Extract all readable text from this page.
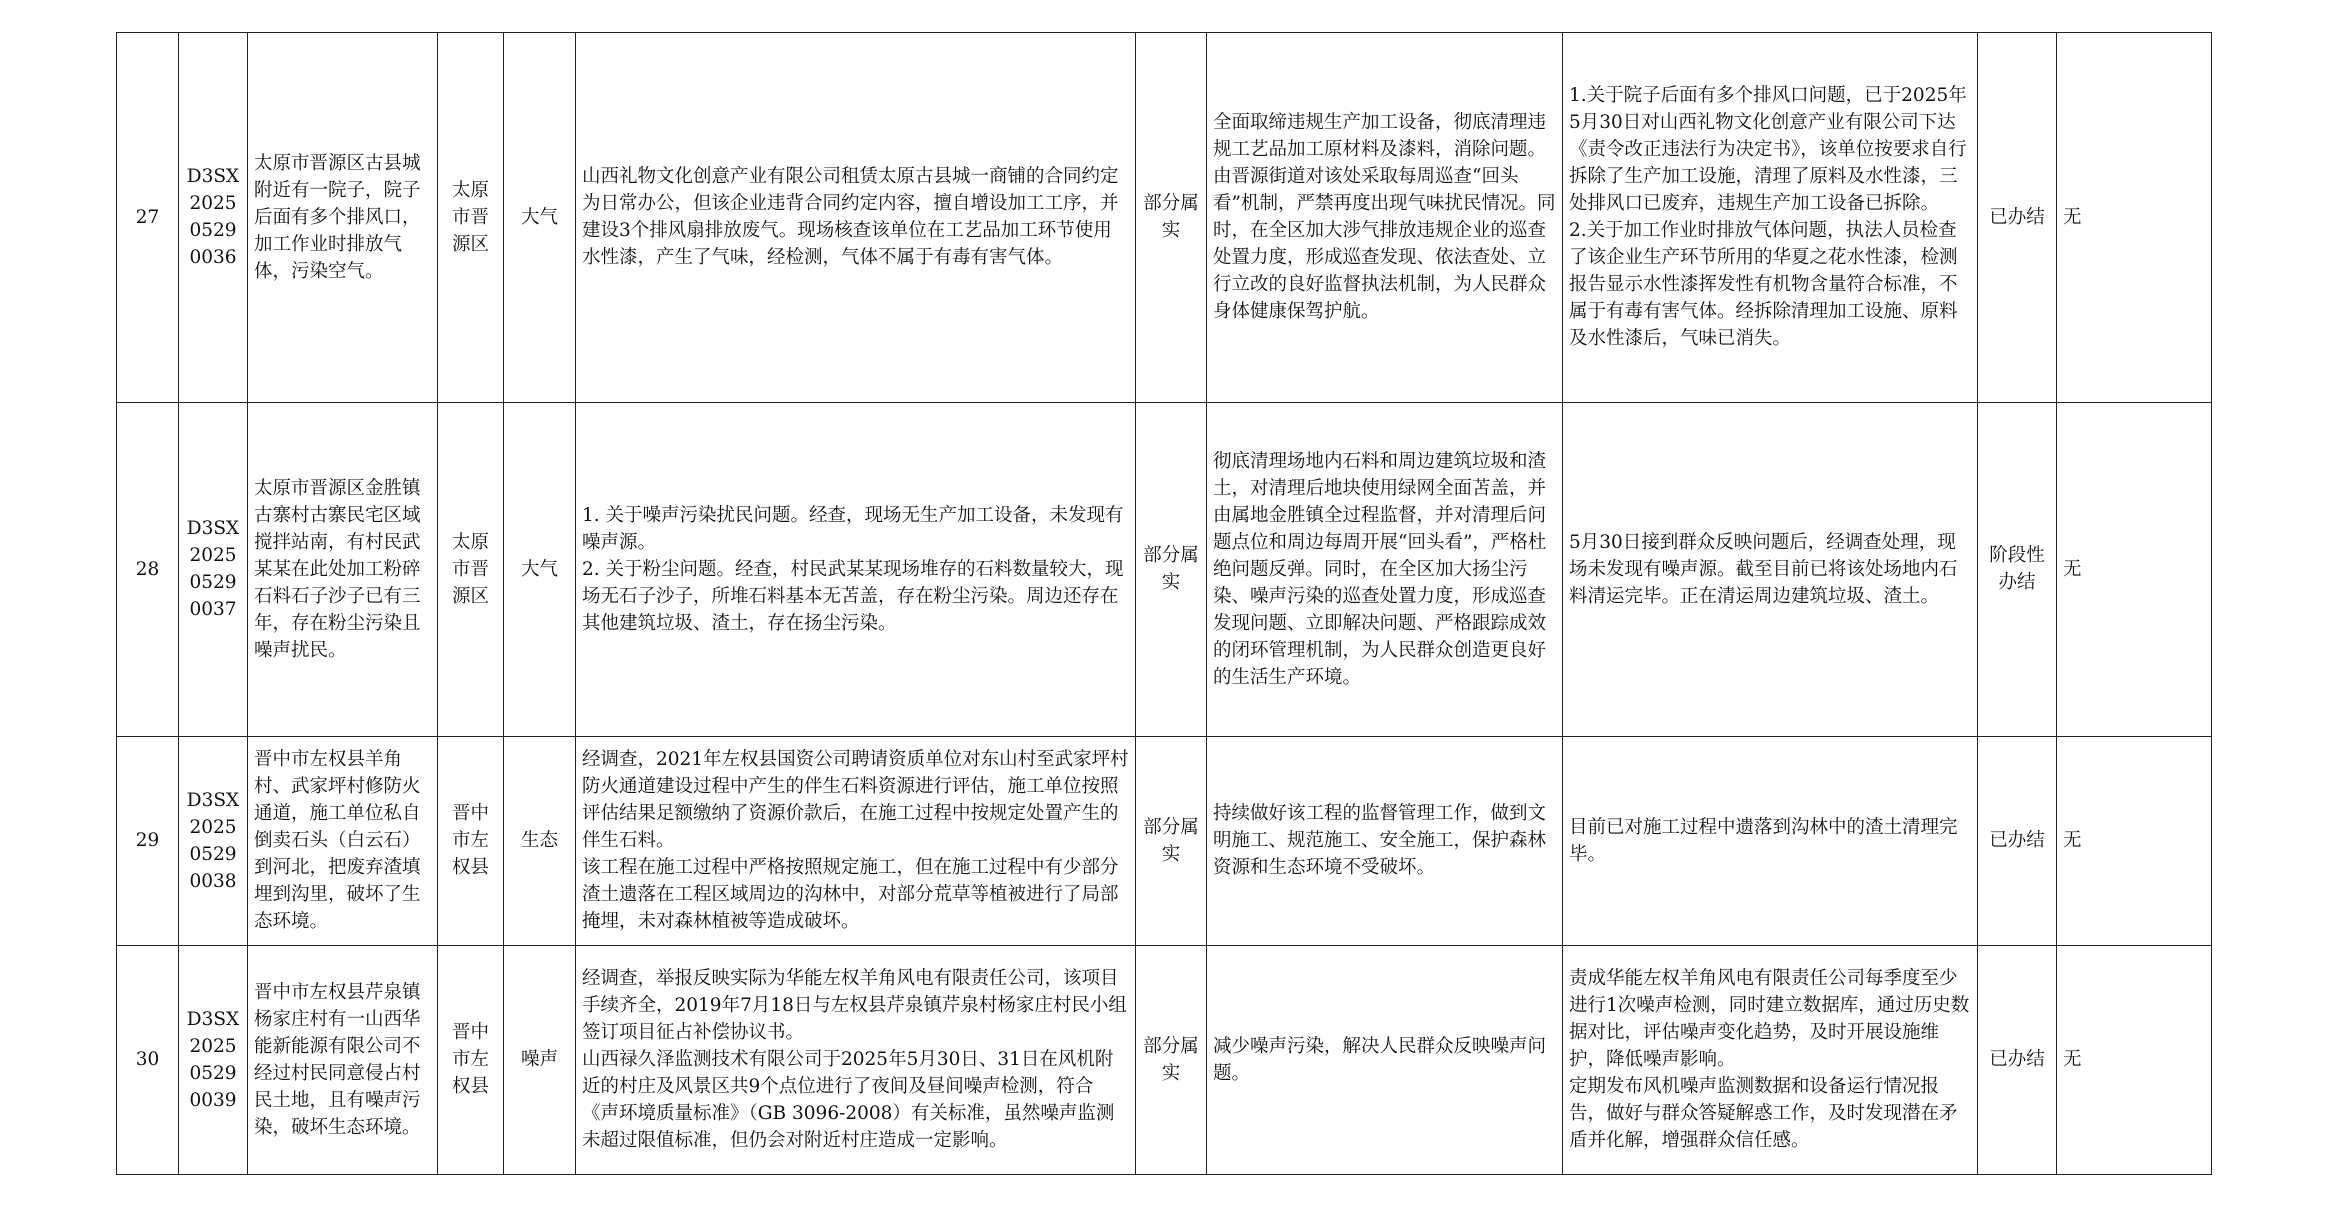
27	D3SX202505290036	太原市晋源区古县城附近有一院子，院子后面有多个排风口，加工作业时排放气体，污染空气。	太原市晋源区	大气	山西礼物文化创意产业有限公司租赁太原古县城一商铺的合同约定为日常办公，但该企业违背合同约定内容，擅自增设加工工序，并建设3个排风扇排放废气。现场核查该单位在工艺品加工环节使用水性漆，产生了气味，经检测，气体不属于有毒有害气体。	部分属实	全面取缔违规生产加工设备，彻底清理违规工艺品加工原材料及漆料，消除问题。由晋源街道对该处采取每周巡查“回头看”机制，严禁再度出现气味扰民情况。同时，在全区加大涉气排放违规企业的巡查处置力度，形成巡查发现、依法查处、立行立改的良好监督执法机制，为人民群众身体健康保驾护航。	1.关于院子后面有多个排风口问题，已于2025年5月30日对山西礼物文化创意产业有限公司下达《责令改正违法行为决定书》，该单位按要求自行拆除了生产加工设施，清理了原料及水性漆，三处排风口已废弃，违规生产加工设备已拆除。
2.关于加工作业时排放气体问题，执法人员检查了该企业生产环节所用的华夏之花水性漆，检测报告显示水性漆挥发性有机物含量符合标准，不属于有毒有害气体。经拆除清理加工设施、原料及水性漆后，气味已消失。	已办结	无
28	D3SX202505290037	太原市晋源区金胜镇古寨村古寨民宅区域搅拌站南，有村民武某某在此处加工粉碎石料石子沙子已有三年，存在粉尘污染且噪声扰民。	太原市晋源区	大气	1. 关于噪声污染扰民问题。经查，现场无生产加工设备，未发现有噪声源。
2. 关于粉尘问题。经查，村民武某某现场堆存的石料数量较大，现场无石子沙子，所堆石料基本无苫盖，存在粉尘污染。周边还存在其他建筑垃圾、渣土，存在扬尘污染。	部分属实	彻底清理场地内石料和周边建筑垃圾和渣土，对清理后地块使用绿网全面苫盖，并由属地金胜镇全过程监督，并对清理后问题点位和周边每周开展“回头看”，严格杜绝问题反弹。同时，在全区加大扬尘污染、噪声污染的巡查处置力度，形成巡查发现问题、立即解决问题、严格跟踪成效的闭环管理机制，为人民群众创造更良好的生活生产环境。	5月30日接到群众反映问题后，经调查处理，现场未发现有噪声源。截至目前已将该处场地内石料清运完毕。正在清运周边建筑垃圾、渣土。	阶段性办结	无
29	D3SX202505290038	晋中市左权县羊角村、武家坪村修防火通道，施工单位私自倒卖石头（白云石）到河北，把废弃渣填埋到沟里，破坏了生态环境。	晋中市左权县	生态	经调查，2021年左权县国资公司聘请资质单位对东山村至武家坪村防火通道建设过程中产生的伴生石料资源进行评估，施工单位按照评估结果足额缴纳了资源价款后，在施工过程中按规定处置产生的伴生石料。
该工程在施工过程中严格按照规定施工，但在施工过程中有少部分渣土遗落在工程区域周边的沟林中，对部分荒草等植被进行了局部掩埋，未对森林植被等造成破坏。	部分属实	持续做好该工程的监督管理工作，做到文明施工、规范施工、安全施工，保护森林资源和生态环境不受破坏。	目前已对施工过程中遗落到沟林中的渣土清理完毕。	已办结	无
30	D3SX202505290039	晋中市左权县芹泉镇杨家庄村有一山西华能新能源有限公司不经过村民同意侵占村民土地，且有噪声污染，破坏生态环境。	晋中市左权县	噪声	经调查，举报反映实际为华能左权羊角风电有限责任公司，该项目手续齐全，2019年7月18日与左权县芹泉镇芹泉村杨家庄村民小组签订项目征占补偿协议书。
山西禄久泽监测技术有限公司于2025年5月30日、31日在风机附近的村庄及风景区共9个点位进行了夜间及昼间噪声检测，符合《声环境质量标准》（GB 3096-2008）有关标准，虽然噪声监测未超过限值标准，但仍会对附近村庄造成一定影响。	部分属实	减少噪声污染，解决人民群众反映噪声问题。	责成华能左权羊角风电有限责任公司每季度至少进行1次噪声检测，同时建立数据库，通过历史数据对比，评估噪声变化趋势，及时开展设施维护，降低噪声影响。
定期发布风机噪声监测数据和设备运行情况报告，做好与群众答疑解惑工作，及时发现潜在矛盾并化解，增强群众信任感。	已办结	无
